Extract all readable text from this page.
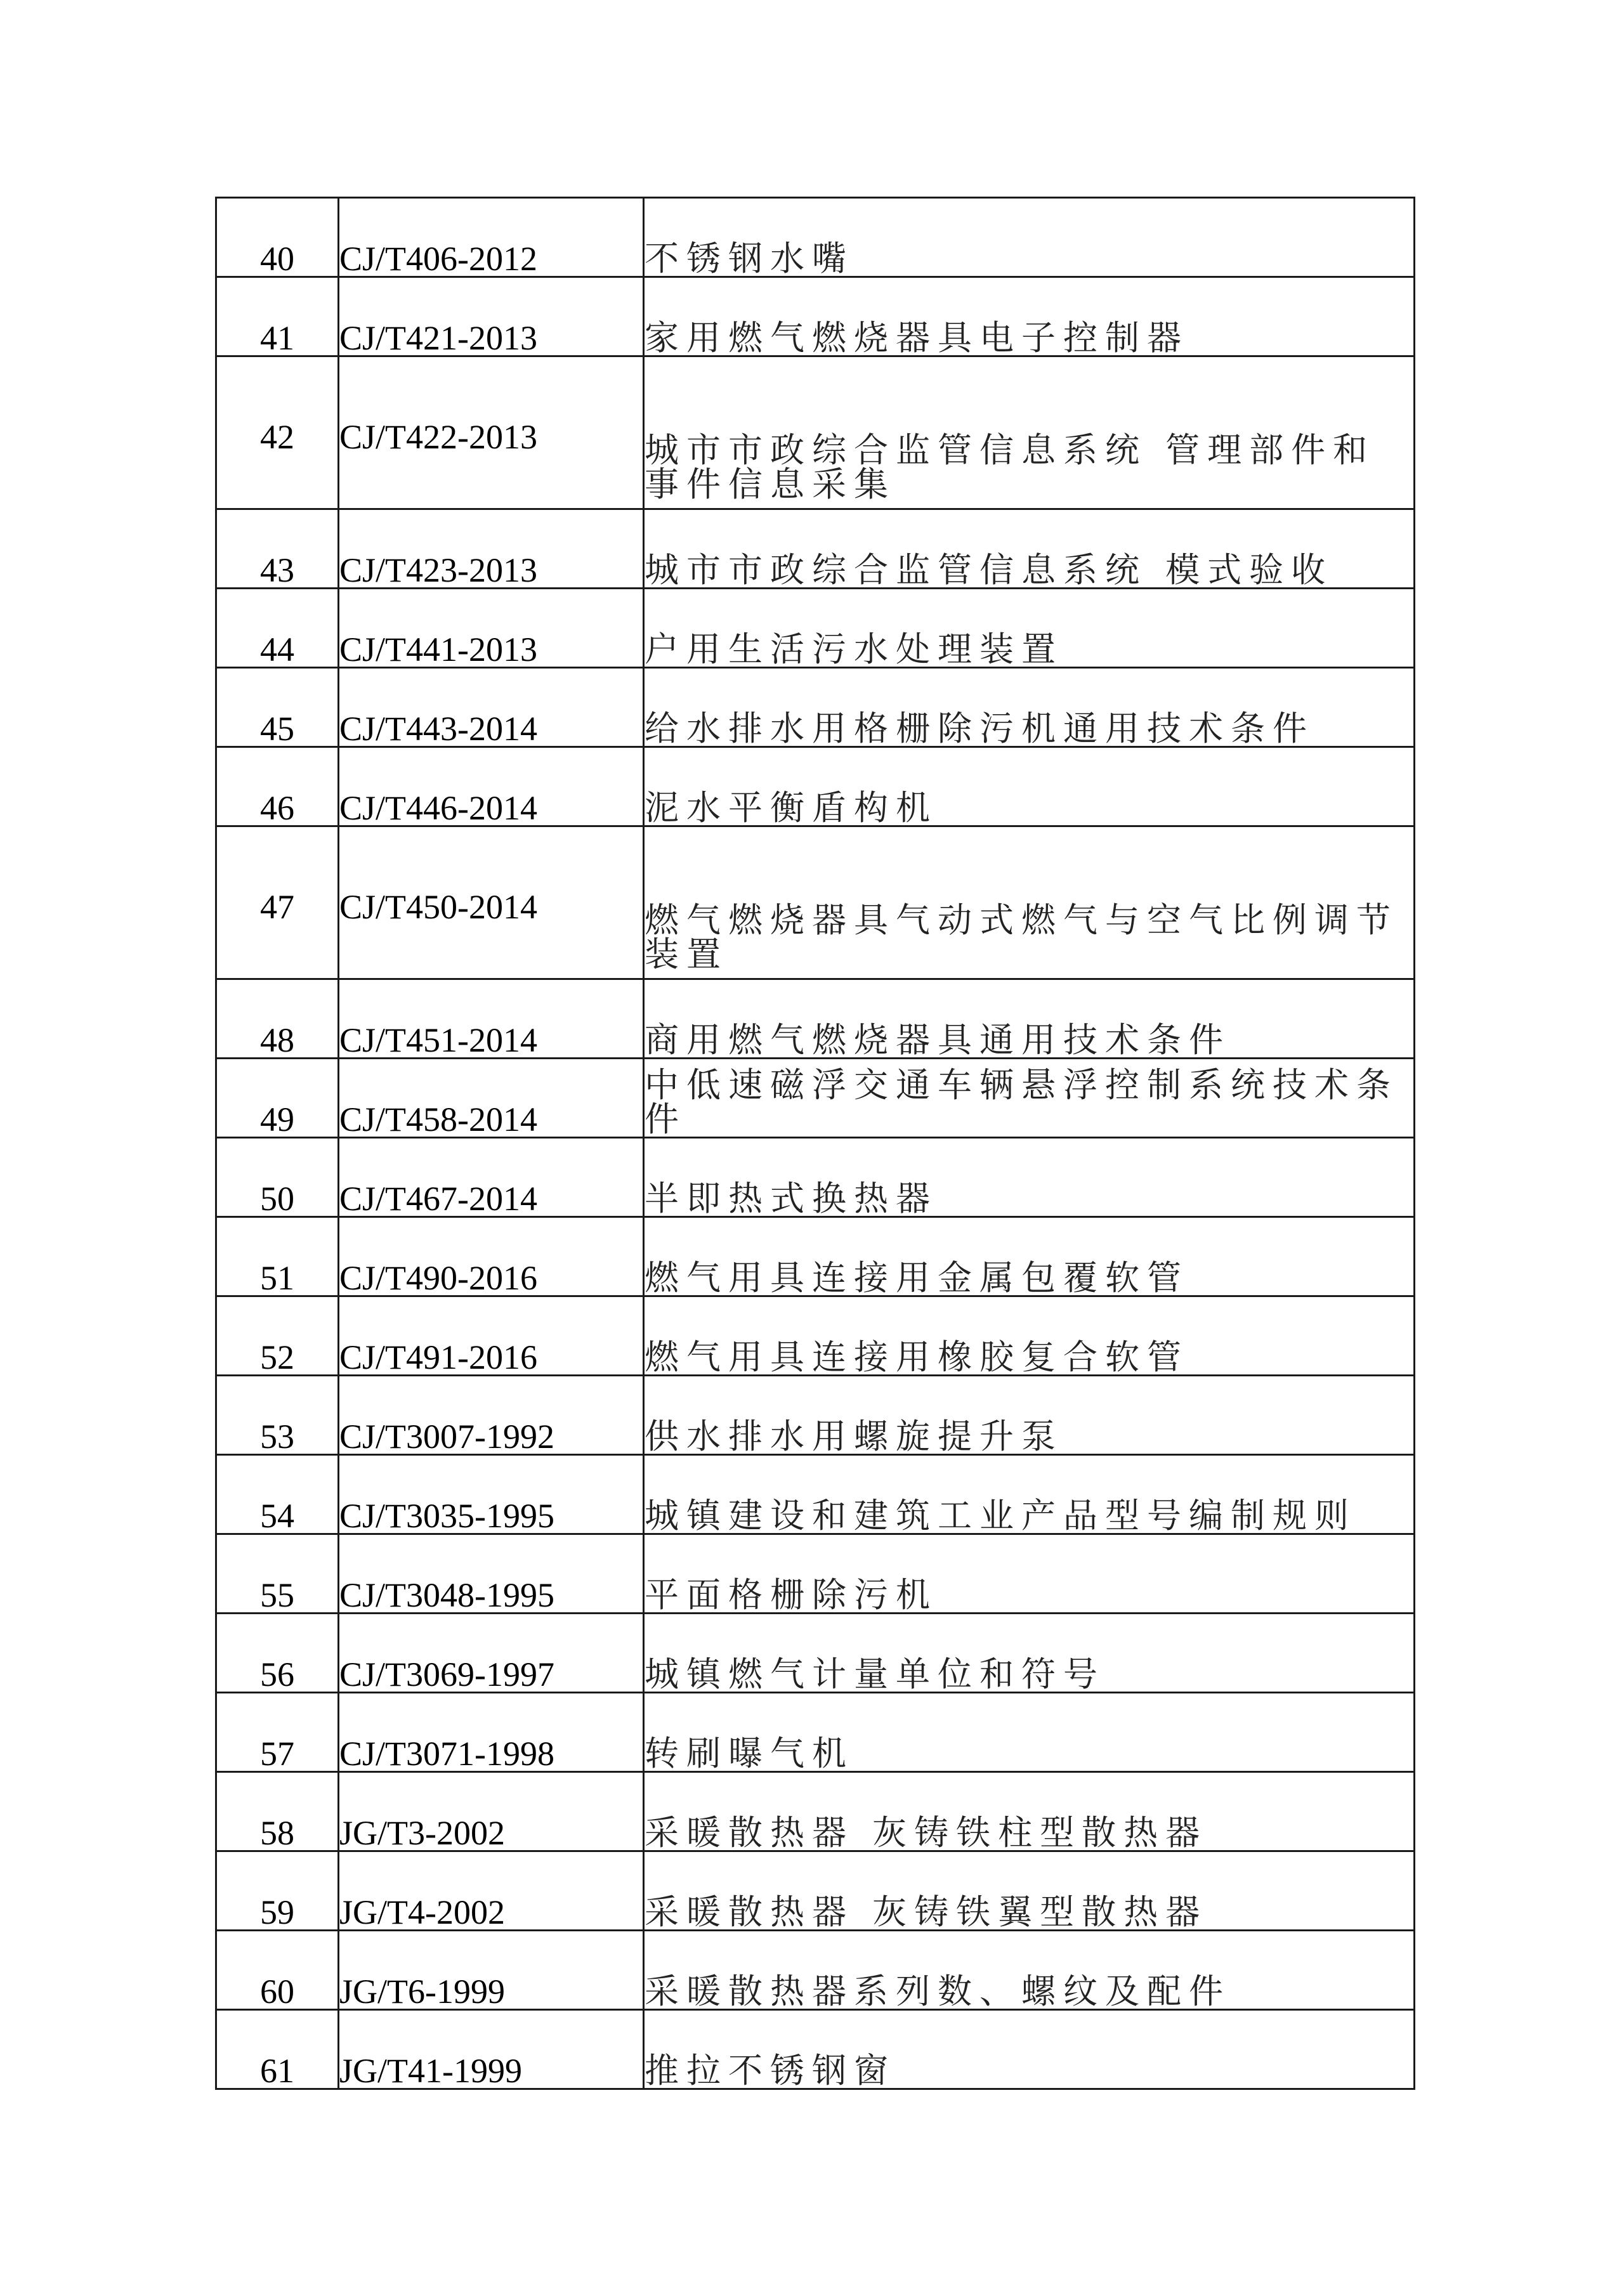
40	CJ/T406-2012	不锈钢水嘴
41	CJ/T421-2013	家用燃气燃烧器具电子控制器
42	CJ/T422-2013	城市市政综合监管信息系统 管理部件和事件信息采集
43	CJ/T423-2013	城市市政综合监管信息系统 模式验收
44	CJ/T441-2013	户用生活污水处理装置
45	CJ/T443-2014	给水排水用格栅除污机通用技术条件
46	CJ/T446-2014	泥水平衡盾构机
47	CJ/T450-2014	燃气燃烧器具气动式燃气与空气比例调节装置
48	CJ/T451-2014	商用燃气燃烧器具通用技术条件
49	CJ/T458-2014	中低速磁浮交通车辆悬浮控制系统技术条件
50	CJ/T467-2014	半即热式换热器
51	CJ/T490-2016	燃气用具连接用金属包覆软管
52	CJ/T491-2016	燃气用具连接用橡胶复合软管
53	CJ/T3007-1992	供水排水用螺旋提升泵
54	CJ/T3035-1995	城镇建设和建筑工业产品型号编制规则
55	CJ/T3048-1995	平面格栅除污机
56	CJ/T3069-1997	城镇燃气计量单位和符号
57	CJ/T3071-1998	转刷曝气机
58	JG/T3-2002	采暖散热器 灰铸铁柱型散热器
59	JG/T4-2002	采暖散热器 灰铸铁翼型散热器
60	JG/T6-1999	采暖散热器系列数、螺纹及配件
61	JG/T41-1999	推拉不锈钢窗
